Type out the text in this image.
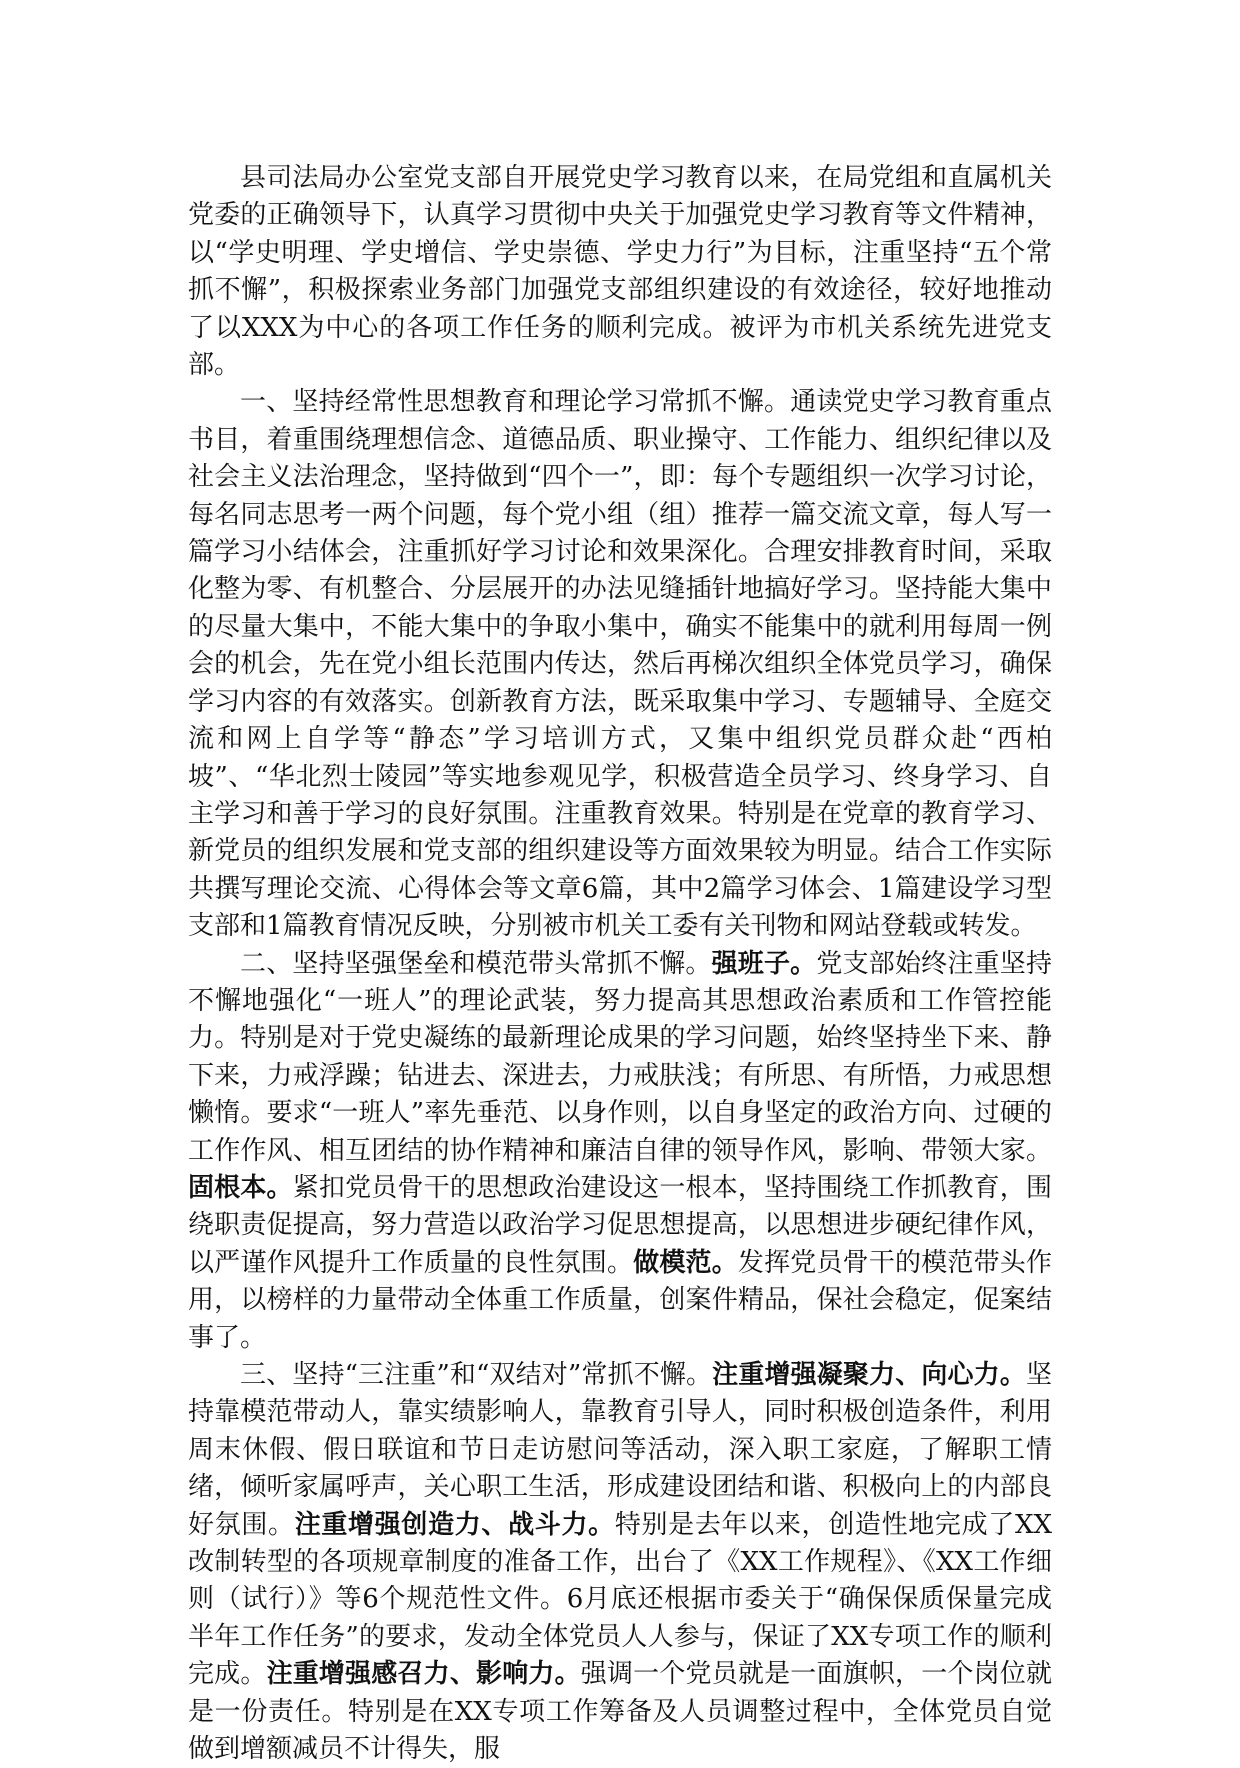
县司法局办公室党支部自开展党史学习教育以来，在局党组和直属机关党委的正确领导下，认真学习贯彻中央关于加强党史学习教育等文件精神，以“学史明理、学史增信、学史崇德、学史力行”为目标，注重坚持“五个常抓不懈”，积极探索业务部门加强党支部组织建设的有效途径，较好地推动了以XXX为中心的各项工作任务的顺利完成。被评为市机关系统先进党支部。

一、坚持经常性思想教育和理论学习常抓不懈。通读党史学习教育重点书目，着重围绕理想信念、道德品质、职业操守、工作能力、组织纪律以及社会主义法治理念，坚持做到“四个一”，即：每个专题组织一次学习讨论，每名同志思考一两个问题，每个党小组（组）推荐一篇交流文章，每人写一篇学习小结体会，注重抓好学习讨论和效果深化。合理安排教育时间，采取化整为零、有机整合、分层展开的办法见缝插针地搞好学习。坚持能大集中的尽量大集中，不能大集中的争取小集中，确实不能集中的就利用每周一例会的机会，先在党小组长范围内传达，然后再梯次组织全体党员学习，确保学习内容的有效落实。创新教育方法，既采取集中学习、专题辅导、全庭交流和网上自学等“静态”学习培训方式，又集中组织党员群众赴“西柏坡”、“华北烈士陵园”等实地参观见学，积极营造全员学习、终身学习、自主学习和善于学习的良好氛围。注重教育效果。特别是在党章的教育学习、新党员的组织发展和党支部的组织建设等方面效果较为明显。结合工作实际共撰写理论交流、心得体会等文章6篇，其中2篇学习体会、1篇建设学习型支部和1篇教育情况反映，分别被市机关工委有关刊物和网站登载或转发。

二、坚持坚强堡垒和模范带头常抓不懈。强班子。党支部始终注重坚持不懈地强化“一班人”的理论武装，努力提高其思想政治素质和工作管控能力。特别是对于党史凝练的最新理论成果的学习问题，始终坚持坐下来、静下来，力戒浮躁；钻进去、深进去，力戒肤浅；有所思、有所悟，力戒思想懒惰。要求“一班人”率先垂范、以身作则，以自身坚定的政治方向、过硬的工作作风、相互团结的协作精神和廉洁自律的领导作风，影响、带领大家。固根本。紧扣党员骨干的思想政治建设这一根本，坚持围绕工作抓教育，围绕职责促提高，努力营造以政治学习促思想提高，以思想进步硬纪律作风，以严谨作风提升工作质量的良性氛围。做模范。发挥党员骨干的模范带头作用，以榜样的力量带动全体重工作质量，创案件精品，保社会稳定，促案结事了。

三、坚持“三注重”和“双结对”常抓不懈。注重增强凝聚力、向心力。坚持靠模范带动人，靠实绩影响人，靠教育引导人，同时积极创造条件，利用周末休假、假日联谊和节日走访慰问等活动，深入职工家庭，了解职工情绪，倾听家属呼声，关心职工生活，形成建设团结和谐、积极向上的内部良好氛围。注重增强创造力、战斗力。特别是去年以来，创造性地完成了XX改制转型的各项规章制度的准备工作，出台了《XX工作规程》、《XX工作细则（试行）》等6个规范性文件。6月底还根据市委关于“确保保质保量完成半年工作任务”的要求，发动全体党员人人参与，保证了XX专项工作的顺利完成。注重增强感召力、影响力。强调一个党员就是一面旗帜，一个岗位就是一份责任。特别是在XX专项工作筹备及人员调整过程中，全体党员自觉做到增额减员不计得失，服
